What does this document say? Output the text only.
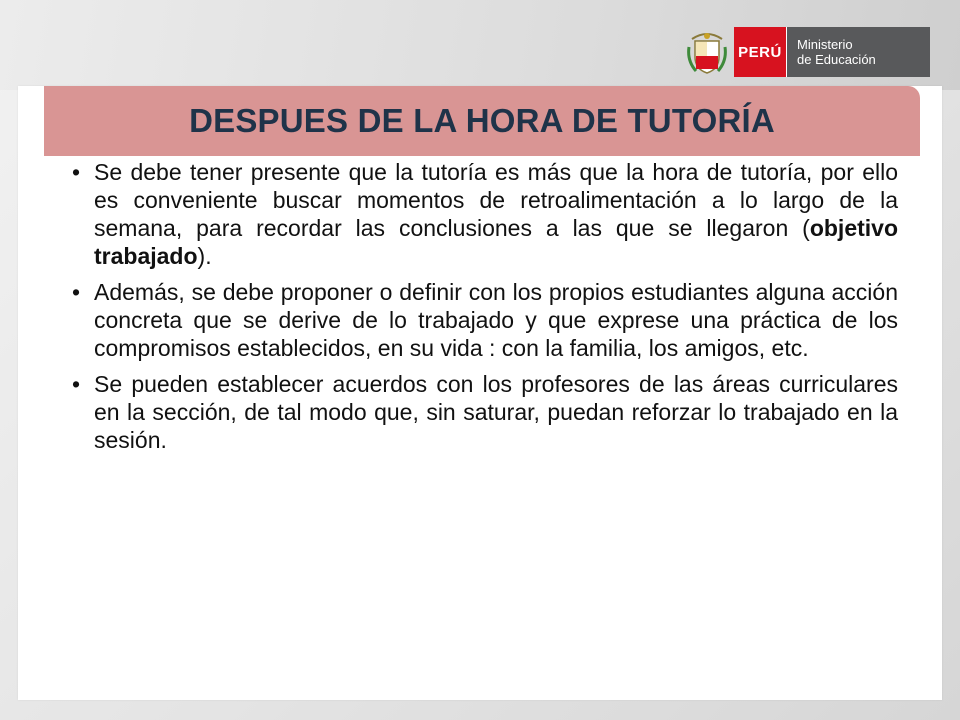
PERÚ	Ministerio
de Educación
DESPUES DE LA HORA DE TUTORÍA
• Se debe tener presente que la tutoría es más que la hora de tutoría, por ello es conveniente buscar momentos de retroalimentación a lo largo de la semana, para recordar las conclusiones a las que se llegaron (objetivo trabajado).
• Además, se debe proponer o definir con los propios estudiantes alguna acción concreta que se derive de lo trabajado y que exprese una práctica de los compromisos establecidos, en su vida : con la familia, los amigos, etc.
• Se pueden establecer acuerdos con los profesores de las áreas curriculares en la sección, de tal modo que, sin saturar, puedan reforzar lo trabajado en la sesión.
